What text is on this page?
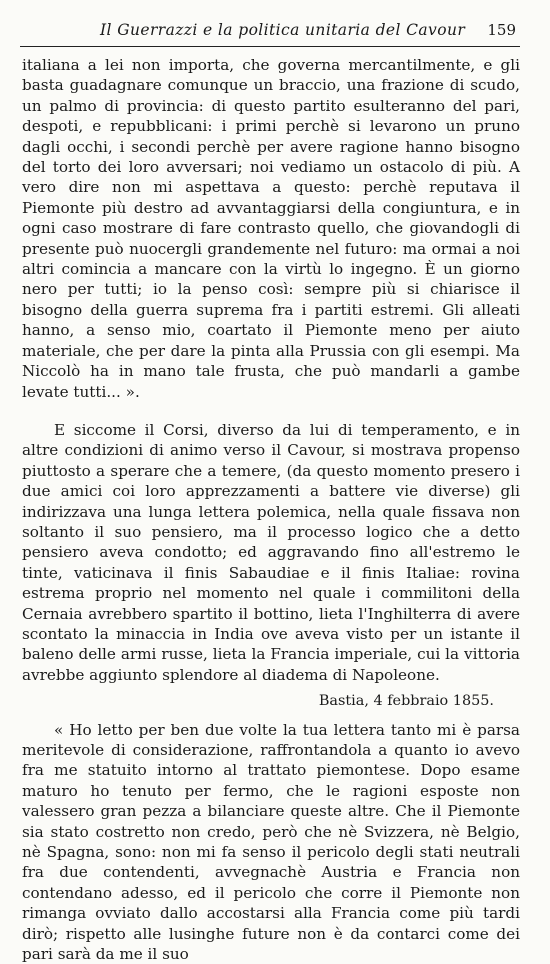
Il Guerrazzi e la politica unitaria del Cavour 159

italiana a lei non importa, che governa mercantilmente, e gli basta guadagnare comunque un braccio, una frazione di scudo, un palmo di provincia: di questo partito esulteranno del pari, despoti, e repubblicani: i primi perchè si levarono un pruno dagli occhi, i secondi perchè per avere ragione hanno bisogno del torto dei loro avversari; noi vediamo un ostacolo di più. A vero dire non mi aspettava a questo: perchè reputava il Piemonte più destro ad avvantaggiarsi della congiuntura, e in ogni caso mostrare di fare contrasto quello, che giovandogli di presente può nuocergli grandemente nel futuro: ma ormai a noi altri comincia a mancare con la virtù lo ingegno. È un giorno nero per tutti; io la penso così: sempre più si chiarisce il bisogno della guerra suprema fra i partiti estremi. Gli alleati hanno, a senso mio, coartato il Piemonte meno per aiuto materiale, che per dare la pinta alla Prussia con gli esempi. Ma Niccolò ha in mano tale frusta, che può mandarli a gambe levate tutti... ».

E siccome il Corsi, diverso da lui di temperamento, e in altre condizioni di animo verso il Cavour, si mostrava propenso piuttosto a sperare che a temere, (da questo momento presero i due amici coi loro apprezzamenti a battere vie diverse) gli indirizzava una lunga lettera polemica, nella quale fissava non soltanto il suo pensiero, ma il processo logico che a detto pensiero aveva condotto; ed aggravando fino all'estremo le tinte, vaticinava il finis Sabaudiae e il finis Italiae: rovina estrema proprio nel momento nel quale i commilitoni della Cernaia avrebbero spartito il bottino, lieta l'Inghilterra di avere scontato la minaccia in India ove aveva visto per un istante il baleno delle armi russe, lieta la Francia imperiale, cui la vittoria avrebbe aggiunto splendore al diadema di Napoleone.

Bastia, 4 febbraio 1855.

« Ho letto per ben due volte la tua lettera tanto mi è parsa meritevole di considerazione, raffrontandola a quanto io avevo fra me statuito intorno al trattato piemontese. Dopo esame maturo ho tenuto per fermo, che le ragioni esposte non valessero gran pezza a bilanciare queste altre. Che il Piemonte sia stato costretto non credo, però che nè Svizzera, nè Belgio, nè Spagna, sono: non mi fa senso il pericolo degli stati neutrali fra due contendenti, avvegnachè Austria e Francia non contendano adesso, ed il pericolo che corre il Piemonte non rimanga ovviato dallo accostarsi alla Francia come più tardi dirò; rispetto alle lusinghe future non è da contarci come dei pari sarà da me il suo
